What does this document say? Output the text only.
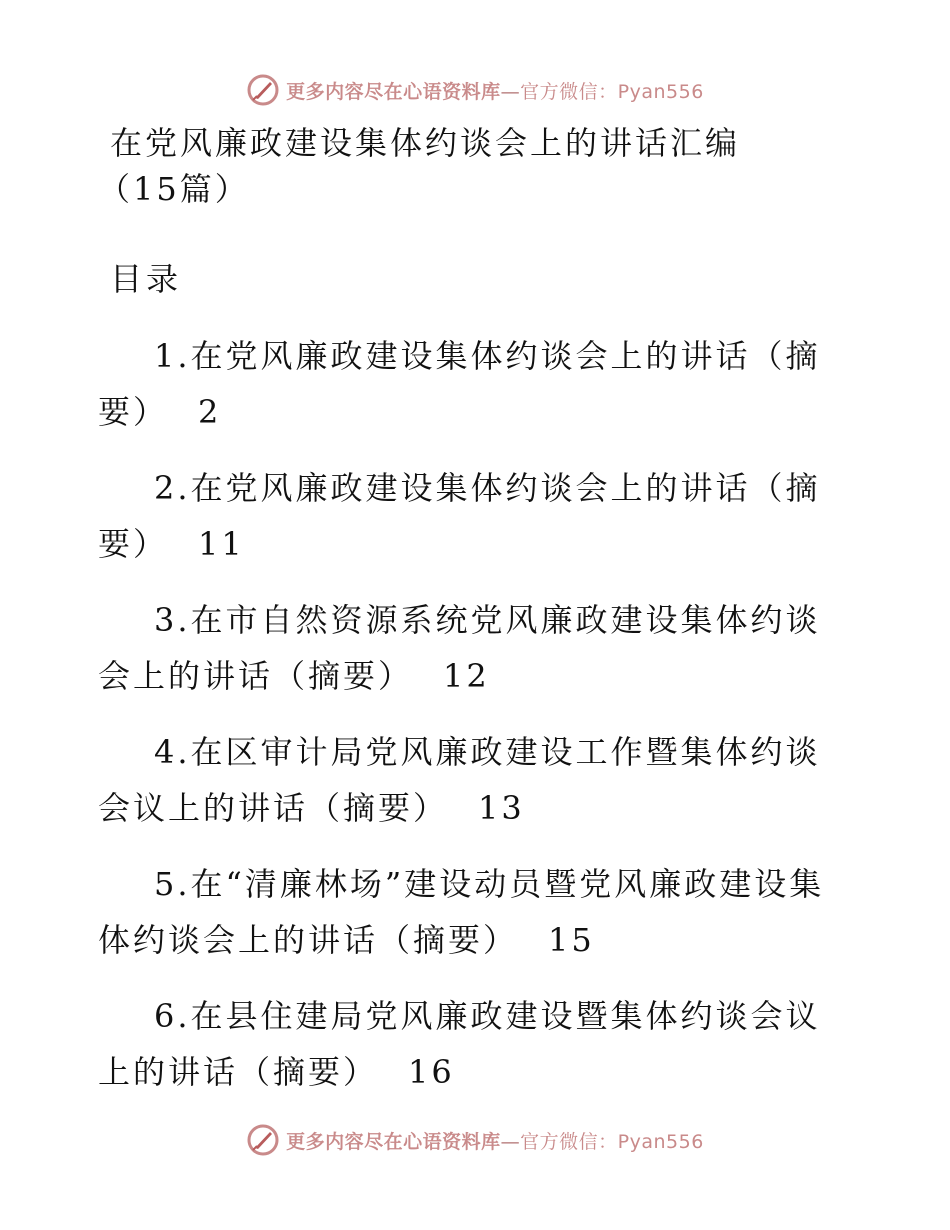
更多内容尽在心语资料库—官方微信：Pyan556
在党风廉政建设集体约谈会上的讲话汇编（15篇）
目录
1.在党风廉政建设集体约谈会上的讲话（摘要） 2
2.在党风廉政建设集体约谈会上的讲话（摘要） 11
3.在市自然资源系统党风廉政建设集体约谈会上的讲话（摘要） 12
4.在区审计局党风廉政建设工作暨集体约谈会议上的讲话（摘要） 13
5.在“清廉林场”建设动员暨党风廉政建设集体约谈会上的讲话（摘要） 15
6.在县住建局党风廉政建设暨集体约谈会议上的讲话（摘要） 16
更多内容尽在心语资料库—官方微信：Pyan556
